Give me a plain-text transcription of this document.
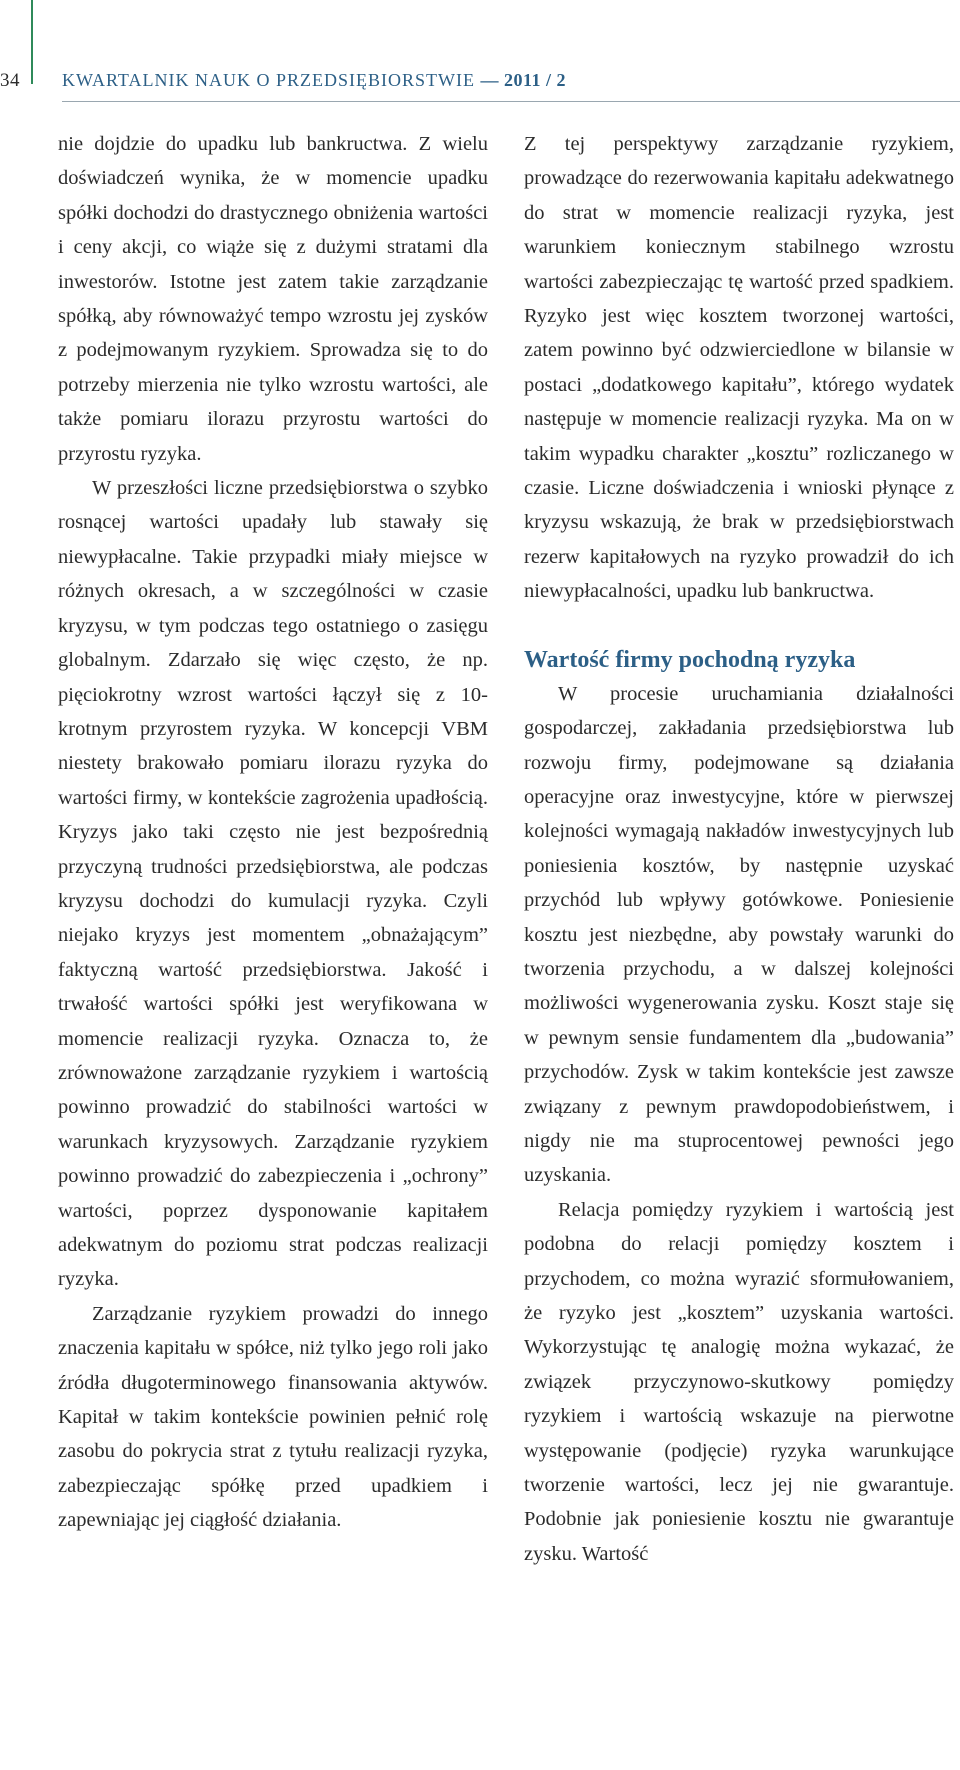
34 KWARTALNIK NAUK O PRZEDSIĘBIORSTWIE — 2011 / 2

nie dojdzie do upadku lub bankructwa. Z wielu doświadczeń wynika, że w momencie upadku spółki dochodzi do drastycznego obniżenia wartości i ceny akcji, co wiąże się z dużymi stratami dla inwestorów. Istotne jest zatem takie zarządzanie spółką, aby równoważyć tempo wzrostu jej zysków z podejmowanym ryzykiem. Sprowadza się to do potrzeby mierzenia nie tylko wzrostu wartości, ale także pomiaru ilorazu przyrostu wartości do przyrostu ryzyka.

W przeszłości liczne przedsiębiorstwa o szybko rosnącej wartości upadały lub stawały się niewypłacalne. Takie przypadki miały miejsce w różnych okresach, a w szczególności w czasie kryzysu, w tym podczas tego ostatniego o zasięgu globalnym. Zdarzało się więc często, że np. pięciokrotny wzrost wartości łączył się z 10-krotnym przyrostem ryzyka. W koncepcji VBM niestety brakowało pomiaru ilorazu ryzyka do wartości firmy, w kontekście zagrożenia upadłością. Kryzys jako taki często nie jest bezpośrednią przyczyną trudności przedsiębiorstwa, ale podczas kryzysu dochodzi do kumulacji ryzyka. Czyli niejako kryzys jest momentem „obnażającym” faktyczną wartość przedsiębiorstwa. Jakość i trwałość wartości spółki jest weryfikowana w momencie realizacji ryzyka. Oznacza to, że zrównoważone zarządzanie ryzykiem i wartością powinno prowadzić do stabilności wartości w warunkach kryzysowych. Zarządzanie ryzykiem powinno prowadzić do zabezpieczenia i „ochrony” wartości, poprzez dysponowanie kapitałem adekwatnym do poziomu strat podczas realizacji ryzyka.

Zarządzanie ryzykiem prowadzi do innego znaczenia kapitału w spółce, niż tylko jego roli jako źródła długoterminowego finansowania aktywów. Kapitał w takim kontekście powinien pełnić rolę zasobu do pokrycia strat z tytułu realizacji ryzyka, zabezpieczając spółkę przed upadkiem i zapewniając jej ciągłość działania.

Z tej perspektywy zarządzanie ryzykiem, prowadzące do rezerwowania kapitału adekwatnego do strat w momencie realizacji ryzyka, jest warunkiem koniecznym stabilnego wzrostu wartości zabezpieczając tę wartość przed spadkiem. Ryzyko jest więc kosztem tworzonej wartości, zatem powinno być odzwierciedlone w bilansie w postaci „dodatkowego kapitału”, którego wydatek następuje w momencie realizacji ryzyka. Ma on w takim wypadku charakter „kosztu” rozliczanego w czasie. Liczne doświadczenia i wnioski płynące z kryzysu wskazują, że brak w przedsiębiorstwach rezerw kapitałowych na ryzyko prowadził do ich niewypłacalności, upadku lub bankructwa.

Wartość firmy pochodną ryzyka

W procesie uruchamiania działalności gospodarczej, zakładania przedsiębiorstwa lub rozwoju firmy, podejmowane są działania operacyjne oraz inwestycyjne, które w pierwszej kolejności wymagają nakładów inwestycyjnych lub poniesienia kosztów, by następnie uzyskać przychód lub wpływy gotówkowe. Poniesienie kosztu jest niezbędne, aby powstały warunki do tworzenia przychodu, a w dalszej kolejności możliwości wygenerowania zysku. Koszt staje się w pewnym sensie fundamentem dla „budowania” przychodów. Zysk w takim kontekście jest zawsze związany z pewnym prawdopodobieństwem, i nigdy nie ma stuprocentowej pewności jego uzyskania.

Relacja pomiędzy ryzykiem i wartością jest podobna do relacji pomiędzy kosztem i przychodem, co można wyrazić sformułowaniem, że ryzyko jest „kosztem” uzyskania wartości. Wykorzystując tę analogię można wykazać, że związek przyczynowo-skutkowy pomiędzy ryzykiem i wartością wskazuje na pierwotne występowanie (podjęcie) ryzyka warunkujące tworzenie wartości, lecz jej nie gwarantuje. Podobnie jak poniesienie kosztu nie gwarantuje zysku. Wartość
